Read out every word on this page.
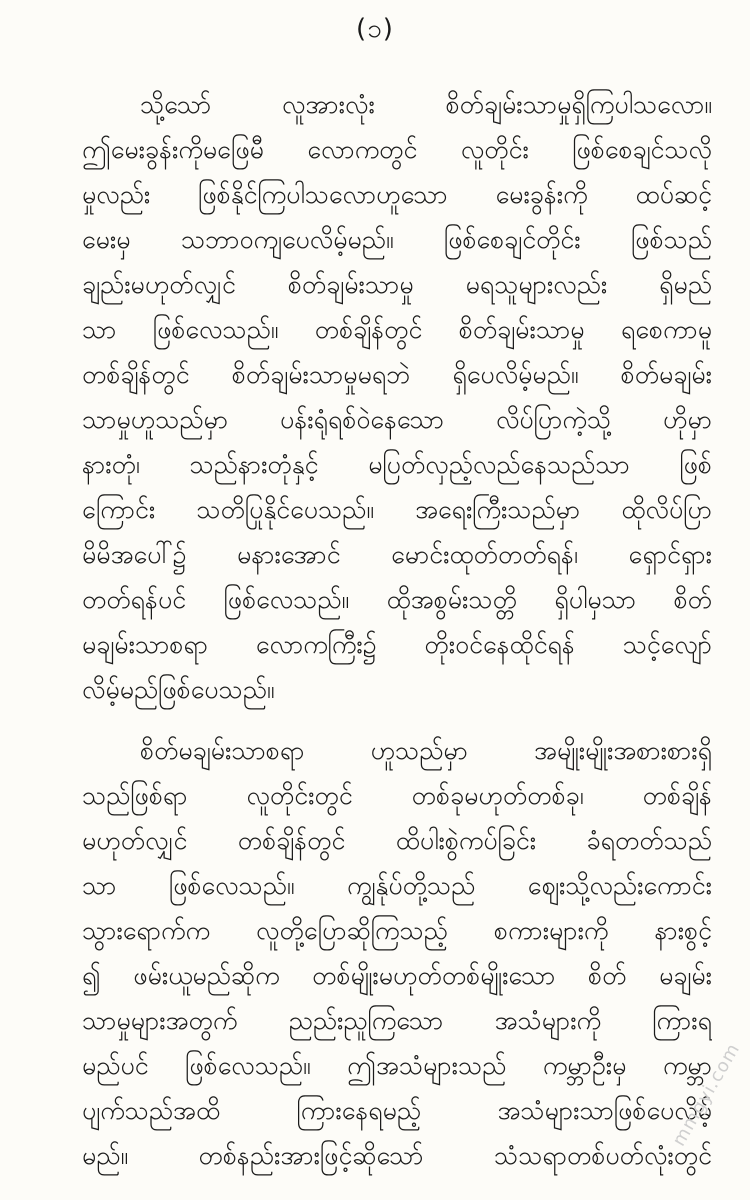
(၁)
သို့သော် လူအားလုံး စိတ်ချမ်းသာမှုရှိကြပါသလော။
ဤမေးခွန်းကိုမဖြေမီ လောကတွင် လူတိုင်း ဖြစ်စေချင်သလို
မှုလည်း ဖြစ်နိုင်ကြပါသလောဟူသော မေးခွန်းကို ထပ်ဆင့်
မေးမှ သဘာဝကျပေလိမ့်မည်။ ဖြစ်စေချင်တိုင်း ဖြစ်သည်
ချည်းမဟုတ်လျှင် စိတ်ချမ်းသာမှု မရသူများလည်း ရှိမည်
သာ ဖြစ်လေသည်။ တစ်ချိန်တွင် စိတ်ချမ်းသာမှု ရစေကာမူ
တစ်ချိန်တွင် စိတ်ချမ်းသာမှုမရဘဲ ရှိပေလိမ့်မည်။ စိတ်မချမ်း
သာမှုဟူသည်မှာ ပန်းရုံရစ်ဝဲနေသော လိပ်ပြာကဲ့သို့ ဟိုမှာ
နားတုံ၊ သည်နားတုံနှင့် မပြတ်လှည့်လည်နေသည်သာ ဖြစ်
ကြောင်း သတိပြုနိုင်ပေသည်။ အရေးကြီးသည်မှာ ထိုလိပ်ပြာ
မိမိအပေါ်၌ မနားအောင် မောင်းထုတ်တတ်ရန်၊ ရှောင်ရှား
တတ်ရန်ပင် ဖြစ်လေသည်။ ထိုအစွမ်းသတ္တိ ရှိပါမှသာ စိတ်
မချမ်းသာစရာ လောကကြီး၌ တိုးဝင်နေထိုင်ရန် သင့်လျော်
လိမ့်မည်ဖြစ်ပေသည်။
စိတ်မချမ်းသာစရာ ဟူသည်မှာ အမျိုးမျိုးအစားစားရှိ
သည်ဖြစ်ရာ လူတိုင်းတွင် တစ်ခုမဟုတ်တစ်ခု၊ တစ်ချိန်
မဟုတ်လျှင် တစ်ချိန်တွင် ထိပါးစွဲကပ်ခြင်း ခံရတတ်သည်
သာ ဖြစ်လေသည်။ ကျွန်ုပ်တို့သည် ဈေးသို့လည်းကောင်း
သွားရောက်က လူတို့ပြောဆိုကြသည့် စကားများကို နားစွင့်
၍ ဖမ်းယူမည်ဆိုက တစ်မျိုးမဟုတ်တစ်မျိုးသော စိတ် မချမ်း
သာမှုများအတွက် ညည်းညူကြသော အသံများကို ကြားရ
မည်ပင် ဖြစ်လေသည်။ ဤအသံများသည် ကမ္ဘာဦးမှ ကမ္ဘာ
ပျက်သည်အထိ ကြားနေရမည့် အသံများသာဖြစ်ပေလိမ့်
mmgyi.com
မည်။ တစ်နည်းအားဖြင့်ဆိုသော် သံသရာတစ်ပတ်လုံးတွင်
